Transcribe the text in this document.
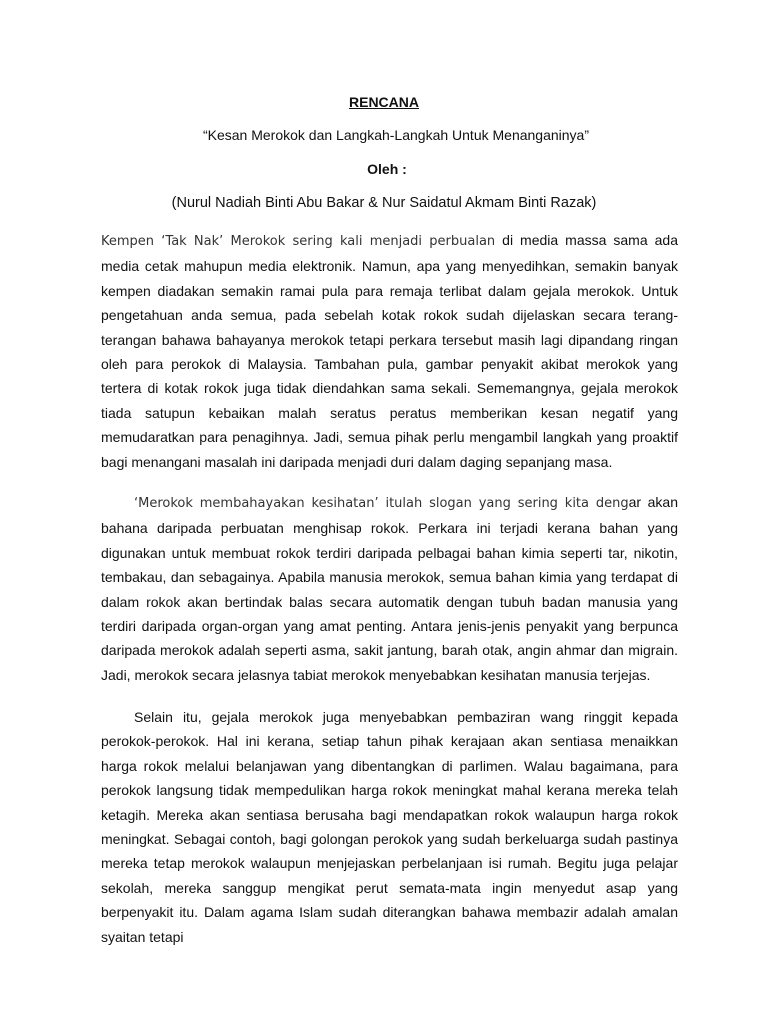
RENCANA
“Kesan Merokok dan Langkah-Langkah Untuk Menanganinya”
Oleh :
(Nurul Nadiah Binti Abu Bakar & Nur Saidatul Akmam Binti Razak)

Kempen ‘Tak Nak’ Merokok sering kali menjadi perbualan di media massa sama ada media cetak mahupun media elektronik. Namun, apa yang menyedihkan, semakin banyak kempen diadakan semakin ramai pula para remaja terlibat dalam gejala merokok. Untuk pengetahuan anda semua, pada sebelah kotak rokok sudah dijelaskan secara terang-terangan bahawa bahayanya merokok tetapi perkara tersebut masih lagi dipandang ringan oleh para perokok di Malaysia. Tambahan pula, gambar penyakit akibat merokok yang tertera di kotak rokok juga tidak diendahkan sama sekali. Sememangnya, gejala merokok tiada satupun kebaikan malah seratus peratus memberikan kesan negatif yang memudaratkan para penagihnya. Jadi, semua pihak perlu mengambil langkah yang proaktif bagi menangani masalah ini daripada menjadi duri dalam daging sepanjang masa.

‘Merokok membahayakan kesihatan’ itulah slogan yang sering kita dengar akan bahana daripada perbuatan menghisap rokok. Perkara ini terjadi kerana bahan yang digunakan untuk membuat rokok terdiri daripada pelbagai bahan kimia seperti tar, nikotin, tembakau, dan sebagainya. Apabila manusia merokok, semua bahan kimia yang terdapat di dalam rokok akan bertindak balas secara automatik dengan tubuh badan manusia yang terdiri daripada organ-organ yang amat penting. Antara jenis-jenis penyakit yang berpunca daripada merokok adalah seperti asma, sakit jantung, barah otak, angin ahmar dan migrain. Jadi, merokok secara jelasnya tabiat merokok menyebabkan kesihatan manusia terjejas.

Selain itu, gejala merokok juga menyebabkan pembaziran wang ringgit kepada perokok-perokok. Hal ini kerana, setiap tahun pihak kerajaan akan sentiasa menaikkan harga rokok melalui belanjawan yang dibentangkan di parlimen. Walau bagaimana, para perokok langsung tidak mempedulikan harga rokok meningkat mahal kerana mereka telah ketagih. Mereka akan sentiasa berusaha bagi mendapatkan rokok walaupun harga rokok meningkat. Sebagai contoh, bagi golongan perokok yang sudah berkeluarga sudah pastinya mereka tetap merokok walaupun menjejaskan perbelanjaan isi rumah. Begitu juga pelajar sekolah, mereka sanggup mengikat perut semata-mata ingin menyedut asap yang berpenyakit itu. Dalam agama Islam sudah diterangkan bahawa membazir adalah amalan syaitan tetapi
